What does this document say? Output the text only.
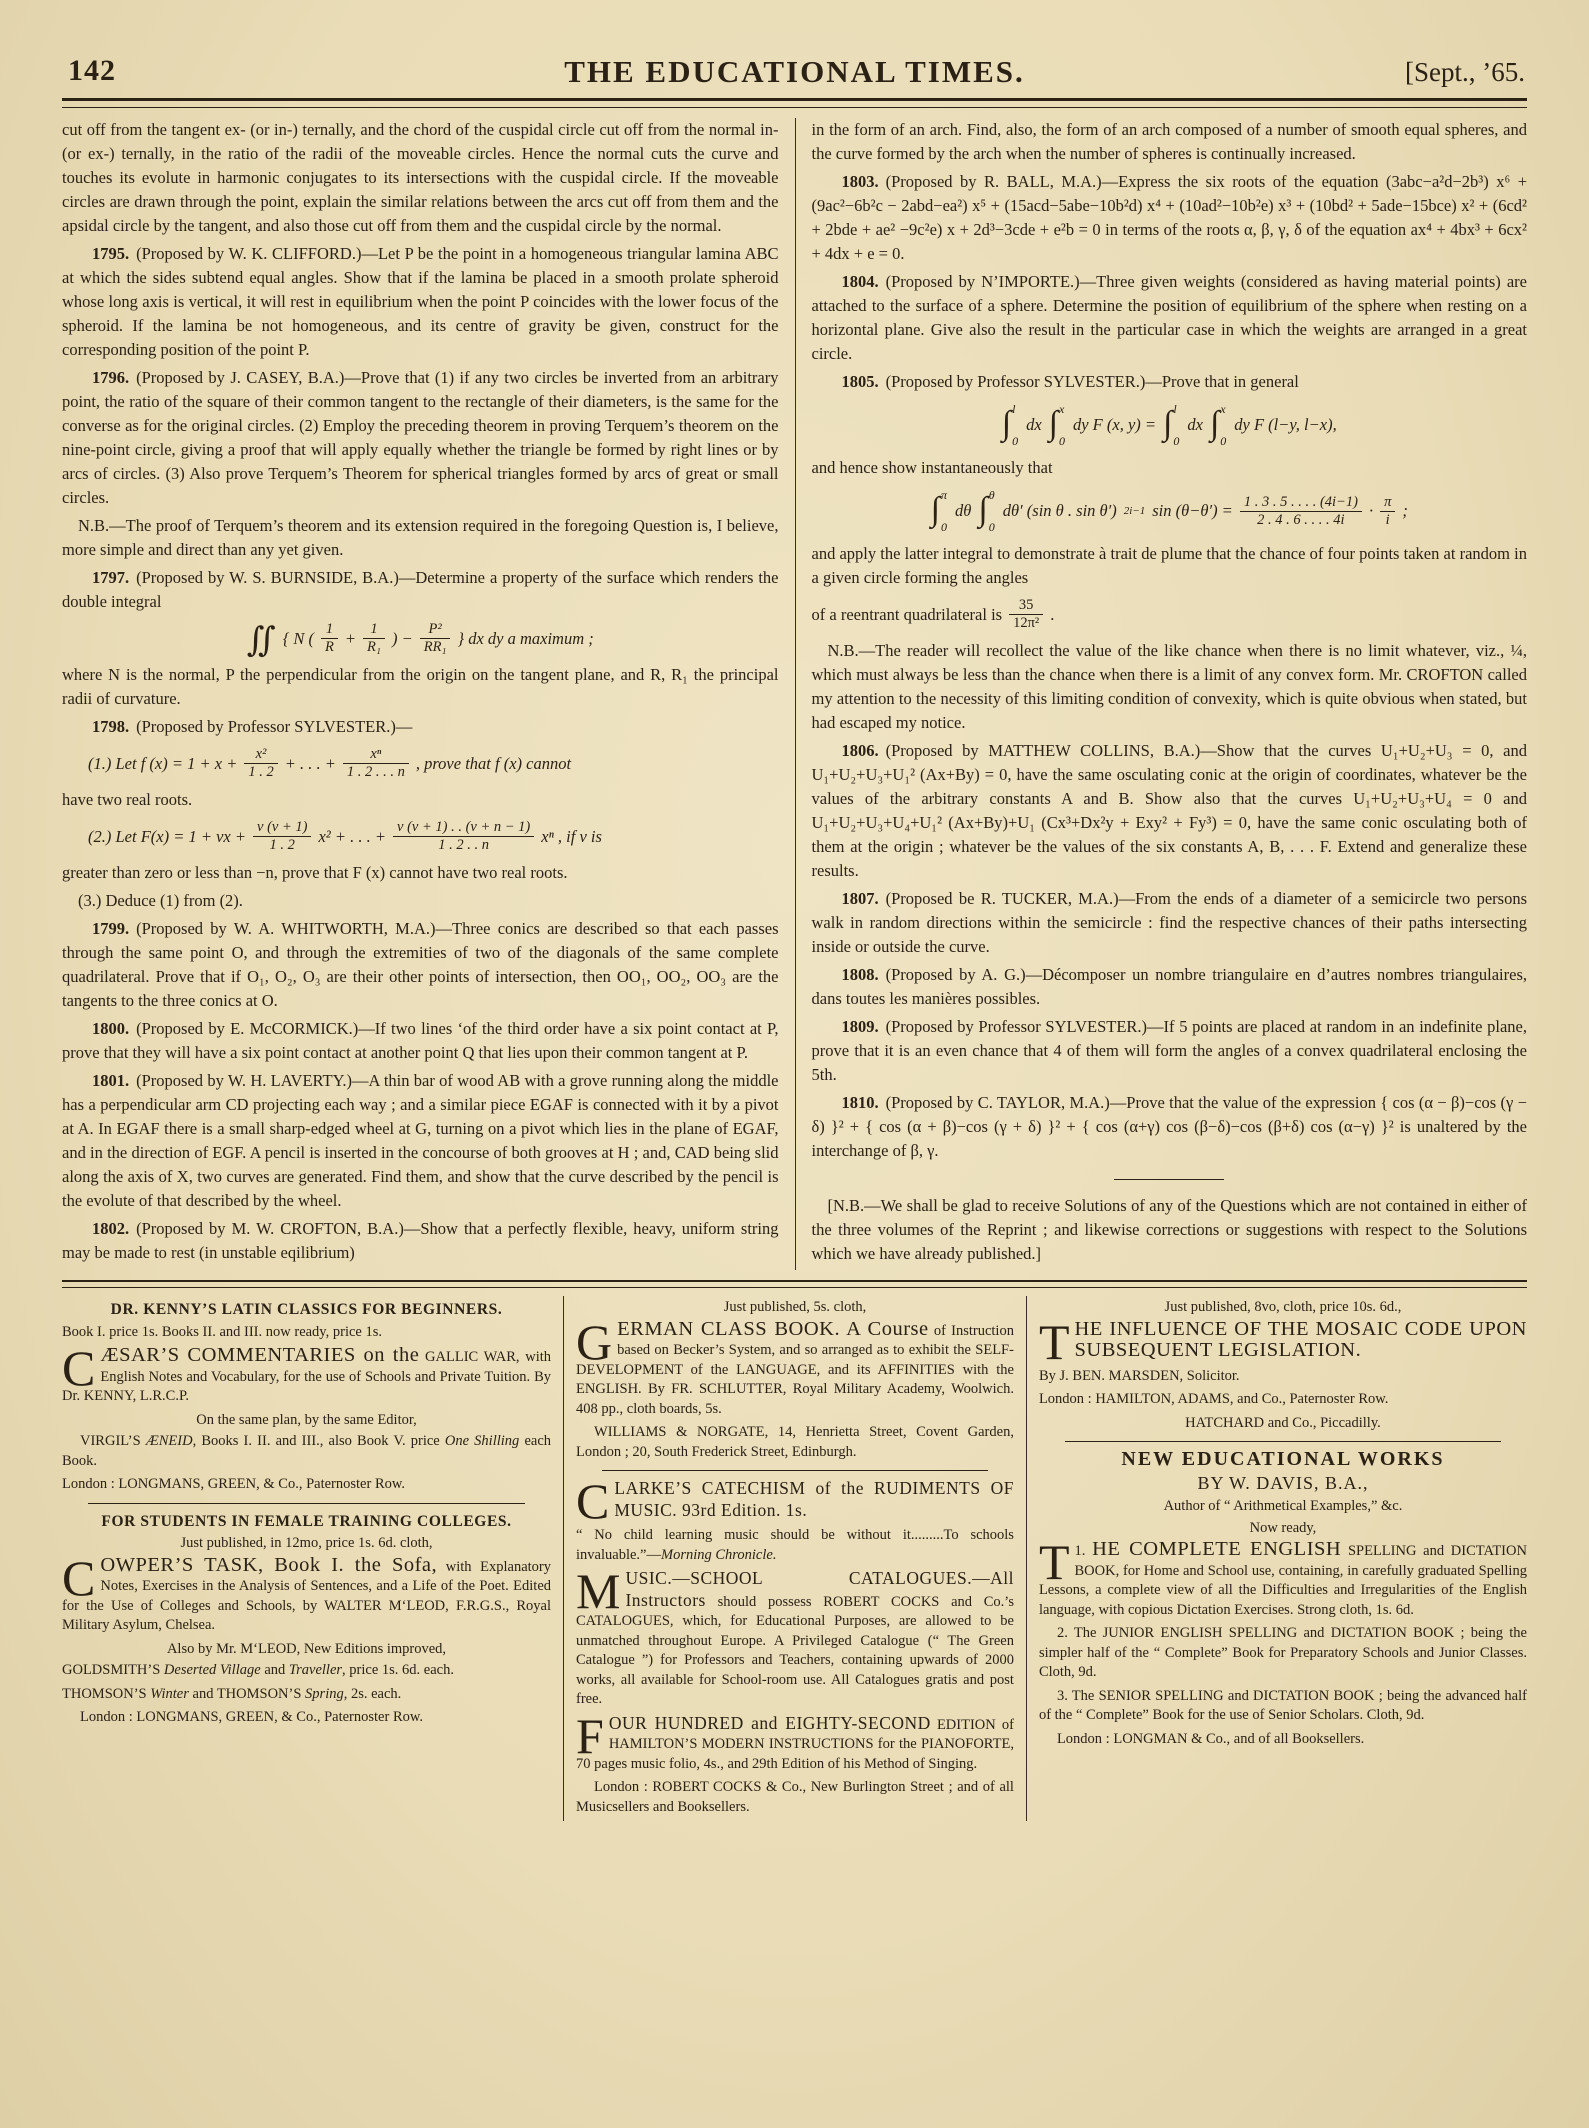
142	THE EDUCATIONAL TIMES.	[Sept., ’65.

cut off from the tangent ex- (or in-) ternally, and the chord of the cuspidal circle cut off from the normal in- (or ex-) ternally, in the ratio of the radii of the moveable circles. Hence the normal cuts the curve and touches its evolute in harmonic conjugates to its intersections with the cuspidal circle. If the moveable circles are drawn through the point, explain the similar relations between the arcs cut off from them and the apsidal circle by the tangent, and also those cut off from them and the cuspidal circle by the normal.

1795. (Proposed by W. K. CLIFFORD.)—Let P be the point in a homogeneous triangular lamina ABC at which the sides subtend equal angles. Show that if the lamina be placed in a smooth prolate spheroid whose long axis is vertical, it will rest in equilibrium when the point P coincides with the lower focus of the spheroid. If the lamina be not homogeneous, and its centre of gravity be given, construct for the corresponding position of the point P.

1796. (Proposed by J. CASEY, B.A.)—Prove that (1) if any two circles be inverted from an arbitrary point, the ratio of the square of their common tangent to the rectangle of their diameters, is the same for the converse as for the original circles. (2) Employ the preceding theorem in proving Terquem’s theorem on the nine-point circle, giving a proof that will apply equally whether the triangle be formed by right lines or by arcs of circles. (3) Also prove Terquem’s Theorem for spherical triangles formed by arcs of great or small circles.

N.B.—The proof of Terquem’s theorem and its extension required in the foregoing Question is, I believe, more simple and direct than any yet given.

1797. (Proposed by W. S. BURNSIDE, B.A.)—Determine a property of the surface which renders the double integral

∬ { N ( $\frac{1}{R} + \frac{1}{\text{R₁}}$ ) − $\frac{\text{P²}}{\text{RR₁}}$ } dx dy a maximum ;

where N is the normal, P the perpendicular from the origin on the tangent plane, and R, R₁ the principal radii of curvature.

1798. (Proposed by Professor SYLVESTER.)—

(1.) Let f $(x) = 1 + x + \frac{\text{x²}}{1 . 2}$ + . . . + $\frac{\text{xⁿ}}{1 . 2 . . . n}$ , prove that f (x) cannot

have two real roots.

(2.) Let $F(x) = 1 + \nu x + \frac{\nu (\nu + 1)}{1 . 2} x^2$ + . . . + $\frac{\nu (\nu + 1) . . (\nu + n - 1)}{1 . 2 . . n}$ xⁿ , if ν is

greater than zero or less than −n, prove that F (x) cannot have two real roots.

(3.) Deduce (1) from (2).

1799. (Proposed by W. A. WHITWORTH, M.A.)—Three conics are described so that each passes through the same point O, and through the extremities of two of the diagonals of the same complete quadrilateral. Prove that if O₁, O₂, O₃ are their other points of intersection, then OO₁, OO₂, OO₃ are the tangents to the three conics at O.

1800. (Proposed by E. McCORMICK.)—If two lines ‘of the third order have a six point contact at P, prove that they will have a six point contact at another point Q that lies upon their common tangent at P.

1801. (Proposed by W. H. LAVERTY.)—A thin bar of wood AB with a grove running along the middle has a perpendicular arm CD projecting each way ; and a similar piece EGAF is connected with it by a pivot at A. In EGAF there is a small sharp-edged wheel at G, turning on a pivot which lies in the plane of EGAF, and in the direction of EGF. A pencil is inserted in the concourse of both grooves at H ; and, CAD being slid along the axis of X, two curves are generated. Find them, and show that the curve described by the pencil is the evolute of that described by the wheel.

1802. (Proposed by M. W. CROFTON, B.A.)—Show that a perfectly flexible, heavy, uniform string may be made to rest (in unstable eqilibrium)

in the form of an arch. Find, also, the form of an arch composed of a number of smooth equal spheres, and the curve formed by the arch when the number of spheres is continually increased.

1803. (Proposed by R. BALL, M.A.)—Express the six roots of the equation (3abc−a²d−2b³) x⁶ + (9ac²−6b²c − 2abd−ea²) x⁵ + (15acd−5abe−10b²d) x⁴ + (10ad²−10b²e) x³ + (10bd² + 5ade−15bce) x² + (6cd² + 2bde + ae² −9c²e) x + 2d³−3cde + e²b = 0 in terms of the roots α, β, γ, δ of the equation ax⁴ + 4bx³ + 6cx² + 4dx + e = 0.

1804. (Proposed by N’IMPORTE.)—Three given weights (considered as having material points) are attached to the surface of a sphere. Determine the position of equilibrium of the sphere when resting on a horizontal plane. Give also the result in the particular case in which the weights are arranged in a great circle.

1805. (Proposed by Professor SYLVESTER.)—Prove that in general

∫ l
0
dx ∫ x
0
dy F (x, y) = ∫ l
0
dx ∫ x
0
dy F (l−y, l−x),

and hence show instantaneously that

∫ π
0
dθ ∫ θ
0
dθ′ (sin θ . sin θ′) 2i−1 $\sin (\theta-\theta') = \frac{1 . 3 . 5 . . . . (4i-1)}{2 . 4 . 6 . . . . 4i} \cdot \frac{\pi}{i}$ ;

and apply the latter integral to demonstrate à trait de plume that the chance of four points taken at random in a given circle forming the angles

of a reentrant quadrilateral is $\frac{35}{\text{12π²}}$ .

N.B.—The reader will recollect the value of the like chance when there is no limit whatever, viz., ¼, which must always be less than the chance when there is a limit of any convex form. Mr. CROFTON called my attention to the necessity of this limiting condition of convexity, which is quite obvious when stated, but had escaped my notice.

1806. (Proposed by MATTHEW COLLINS, B.A.)—Show that the curves U₁+U₂+U₃ = 0, and U₁+U₂+U₃+U₁² (Ax+By) = 0, have the same osculating conic at the origin of coordinates, whatever be the values of the arbitrary constants A and B. Show also that the curves U₁+U₂+U₃+U₄ = 0 and U₁+U₂+U₃+U₄+U₁² (Ax+By)+U₁ (Cx³+Dx²y + Exy² + Fy³) = 0, have the same conic osculating both of them at the origin ; whatever be the values of the six constants A, B, . . . F. Extend and generalize these results.

1807. (Proposed be R. TUCKER, M.A.)—From the ends of a diameter of a semicircle two persons walk in random directions within the semicircle : find the respective chances of their paths intersecting inside or outside the curve.

1808. (Proposed by A. G.)—Décomposer un nombre triangulaire en d’autres nombres triangulaires, dans toutes les manières possibles.

1809. (Proposed by Professor SYLVESTER.)—If 5 points are placed at random in an indefinite plane, prove that it is an even chance that 4 of them will form the angles of a convex quadrilateral enclosing the 5th.

1810. (Proposed by C. TAYLOR, M.A.)—Prove that the value of the expression { cos (α − β)−cos (γ − δ) }² + { cos (α + β)−cos (γ + δ) }² + { cos (α+γ) cos (β−δ)−cos (β+δ) cos (α−γ) }² is unaltered by the interchange of β, γ.

[N.B.—We shall be glad to receive Solutions of any of the Questions which are not contained in either of the three volumes of the Reprint ; and likewise corrections or suggestions with respect to the Solutions which we have already published.]

DR. KENNY’S LATIN CLASSICS FOR BEGINNERS.

Book I. price 1s. Books II. and III. now ready, price 1s.

CÆSAR’S COMMENTARIES on the GALLIC WAR, with English Notes and Vocabulary, for the use of Schools and Private Tuition. By Dr. KENNY, L.R.C.P.

On the same plan, by the same Editor,

VIRGIL’S ÆNEID, Books I. II. and III., also Book V. price One Shilling each Book.

London : LONGMANS, GREEN, & Co., Paternoster Row.

FOR STUDENTS IN FEMALE TRAINING COLLEGES.

Just published, in 12mo, price 1s. 6d. cloth,

COWPER’S TASK, Book I. the Sofa, with Explanatory Notes, Exercises in the Analysis of Sentences, and a Life of the Poet. Edited for the Use of Colleges and Schools, by WALTER M‘LEOD, F.R.G.S., Royal Military Asylum, Chelsea.

Also by Mr. M‘LEOD, New Editions improved,

GOLDSMITH’S Deserted Village and Traveller, price 1s. 6d. each.

THOMSON’S Winter and THOMSON’S Spring, 2s. each.

London : LONGMANS, GREEN, & Co., Paternoster Row.

Just published, 5s. cloth,

GERMAN CLASS BOOK. A Course of Instruction based on Becker’s System, and so arranged as to exhibit the SELF-DEVELOPMENT of the LANGUAGE, and its AFFINITIES with the ENGLISH. By FR. SCHLUTTER, Royal Military Academy, Woolwich. 408 pp., cloth boards, 5s.

WILLIAMS & NORGATE, 14, Henrietta Street, Covent Garden, London ; 20, South Frederick Street, Edinburgh.

CLARKE’S CATECHISM of the RUDIMENTS OF MUSIC. 93rd Edition. 1s.

“ No child learning music should be without it.........To schools invaluable.”—Morning Chronicle.

MUSIC.—SCHOOL CATALOGUES.—All Instructors should possess ROBERT COCKS and Co.’s CATALOGUES, which, for Educational Purposes, are allowed to be unmatched throughout Europe. A Privileged Catalogue (“ The Green Catalogue ”) for Professors and Teachers, containing upwards of 2000 works, all available for School-room use. All Catalogues gratis and post free.

FOUR HUNDRED and EIGHTY-SECOND EDITION of HAMILTON’S MODERN INSTRUCTIONS for the PIANOFORTE, 70 pages music folio, 4s., and 29th Edition of his Method of Singing.

London : ROBERT COCKS & Co., New Burlington Street ; and of all Musicsellers and Booksellers.

Just published, 8vo, cloth, price 10s. 6d.,

THE INFLUENCE OF THE MOSAIC CODE UPON SUBSEQUENT LEGISLATION.

By J. BEN. MARSDEN, Solicitor.

London : HAMILTON, ADAMS, and Co., Paternoster Row.

HATCHARD and Co., Piccadilly.

NEW EDUCATIONAL WORKS

BY W. DAVIS, B.A.,

Author of “ Arithmetical Examples,” &c.

Now ready,

1.
T HE COMPLETE ENGLISH SPELLING and DICTATION BOOK, for Home and School use, containing, in carefully graduated Spelling Lessons, a complete view of all the Difficulties and Irregularities of the English language, with copious Dictation Exercises. Strong cloth, 1s. 6d.

2. The JUNIOR ENGLISH SPELLING and DICTATION BOOK ; being the simpler half of the “ Complete” Book for Preparatory Schools and Junior Classes. Cloth, 9d.

3. The SENIOR SPELLING and DICTATION BOOK ; being the advanced half of the “ Complete” Book for the use of Senior Scholars. Cloth, 9d.

London : LONGMAN & Co., and of all Booksellers.
